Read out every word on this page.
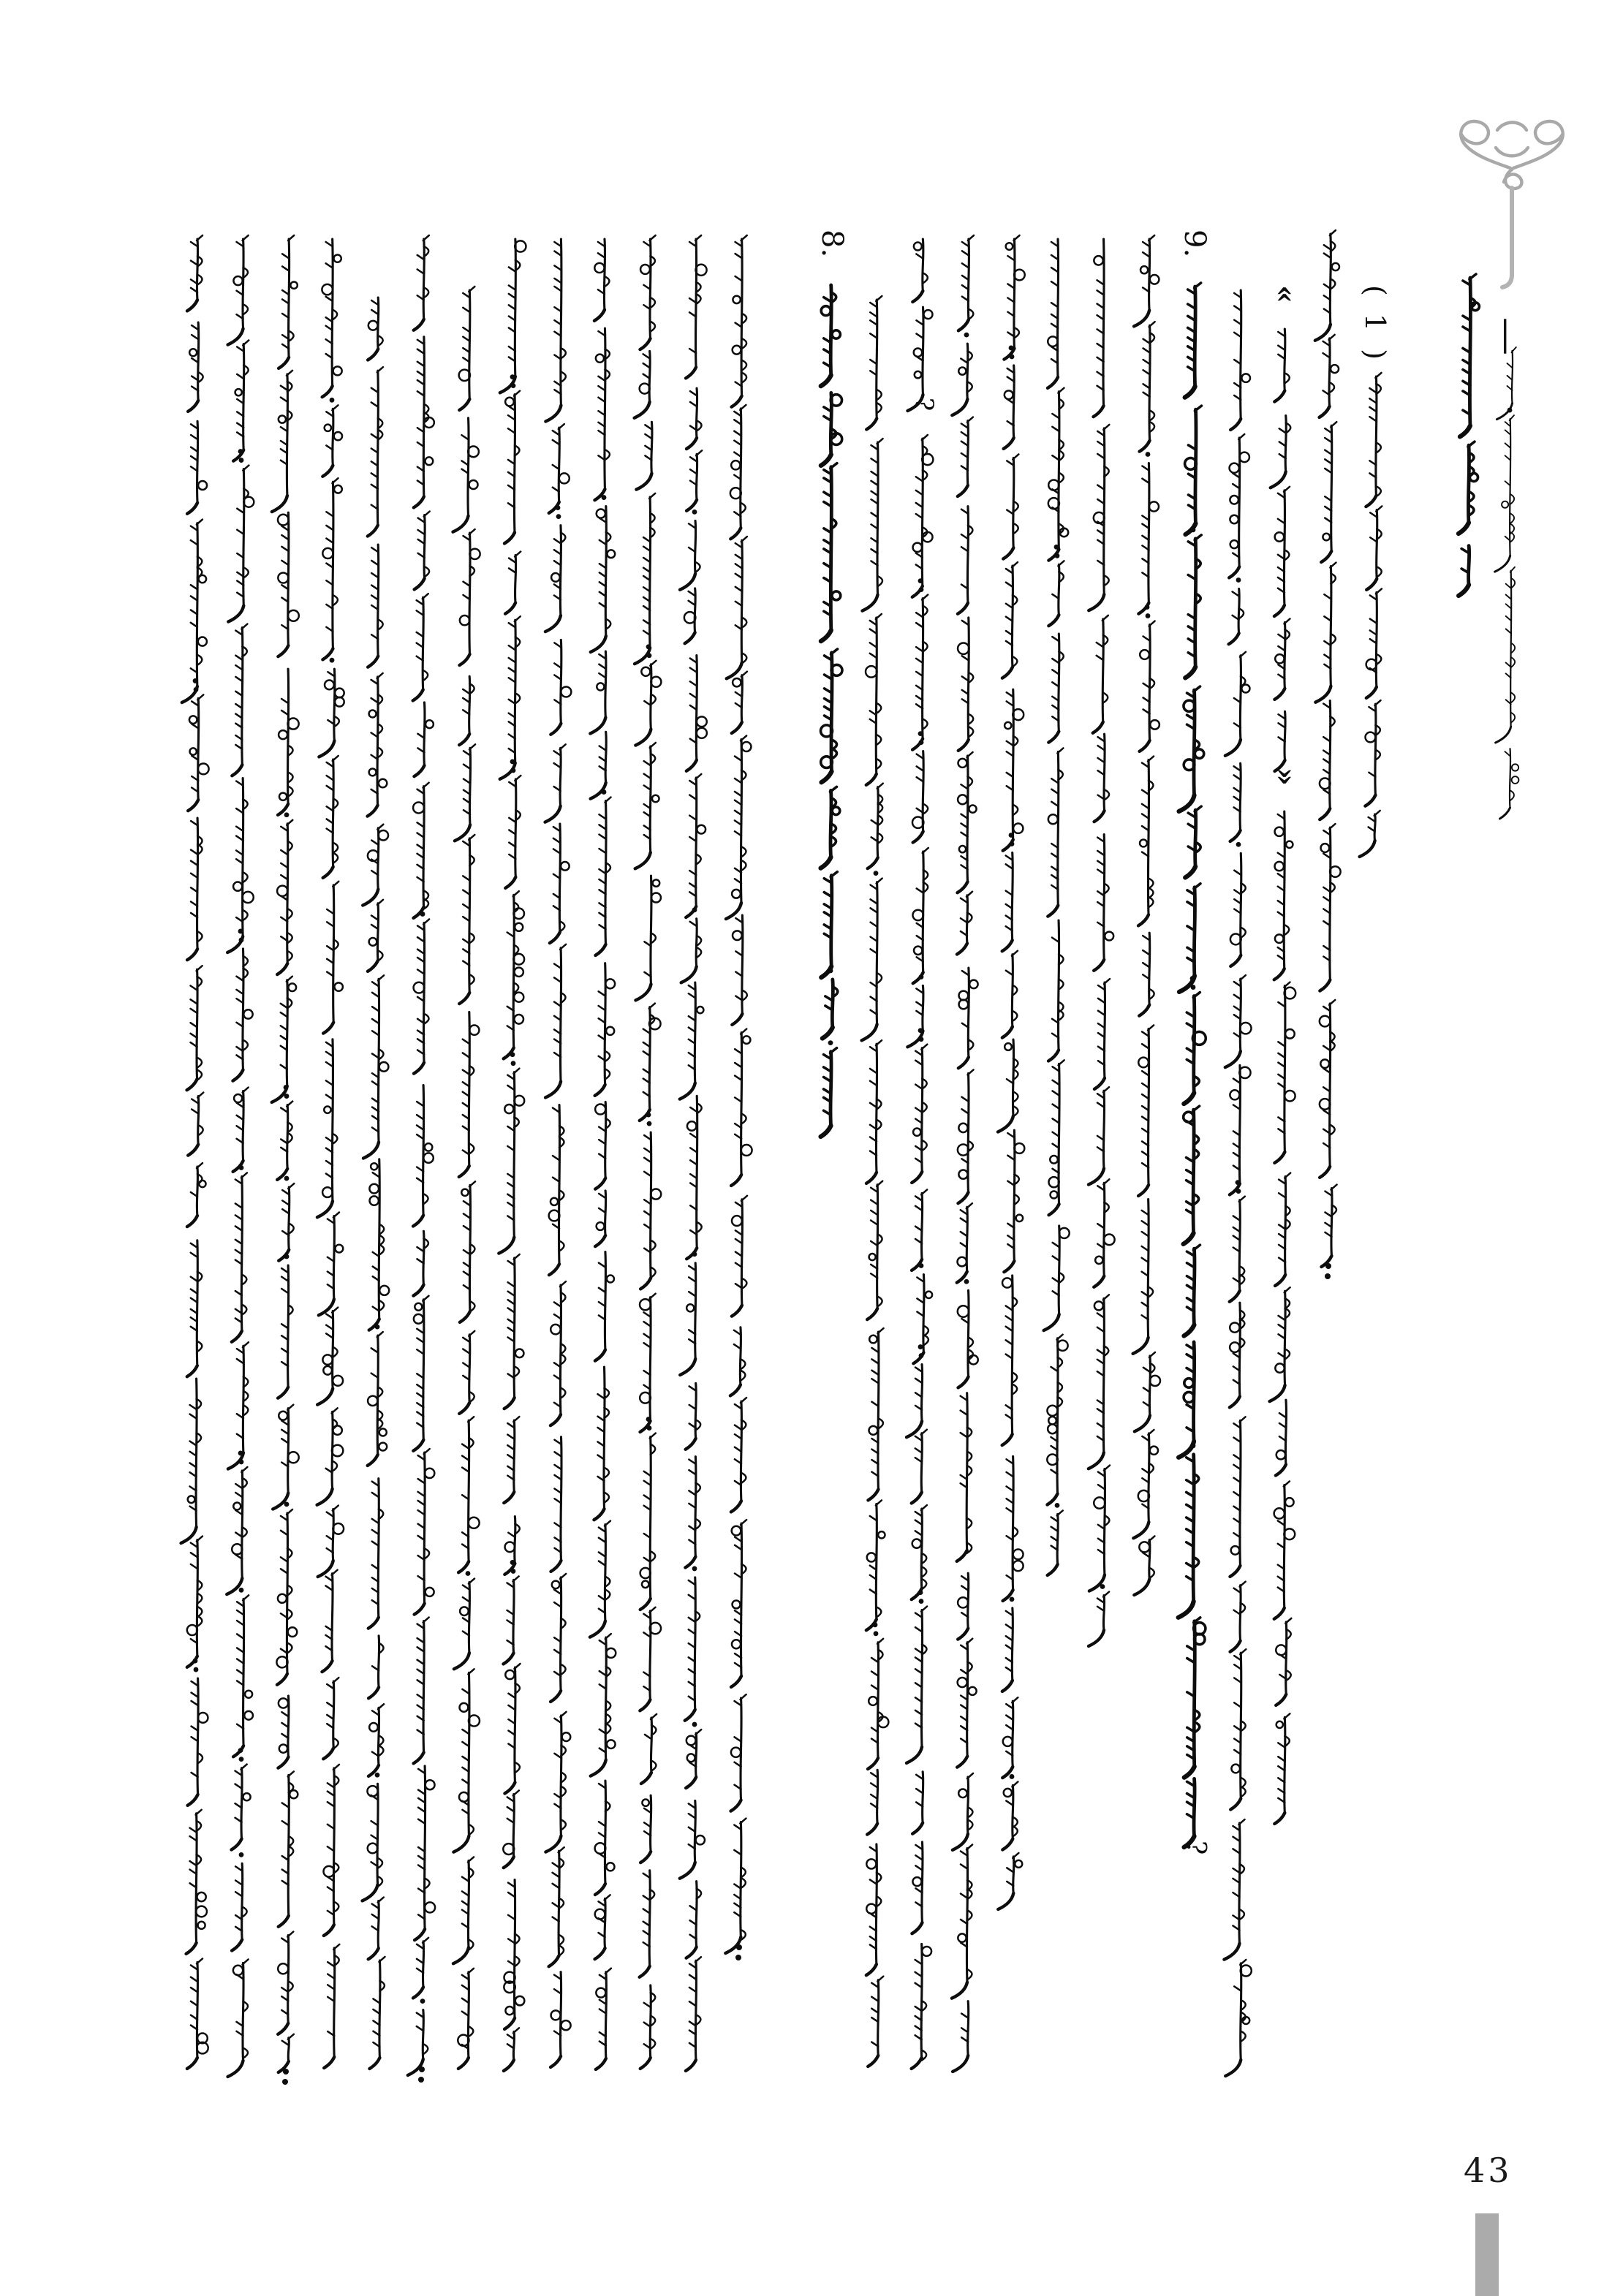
—
( 1 )
9.
8.
?
?
«
»
43
